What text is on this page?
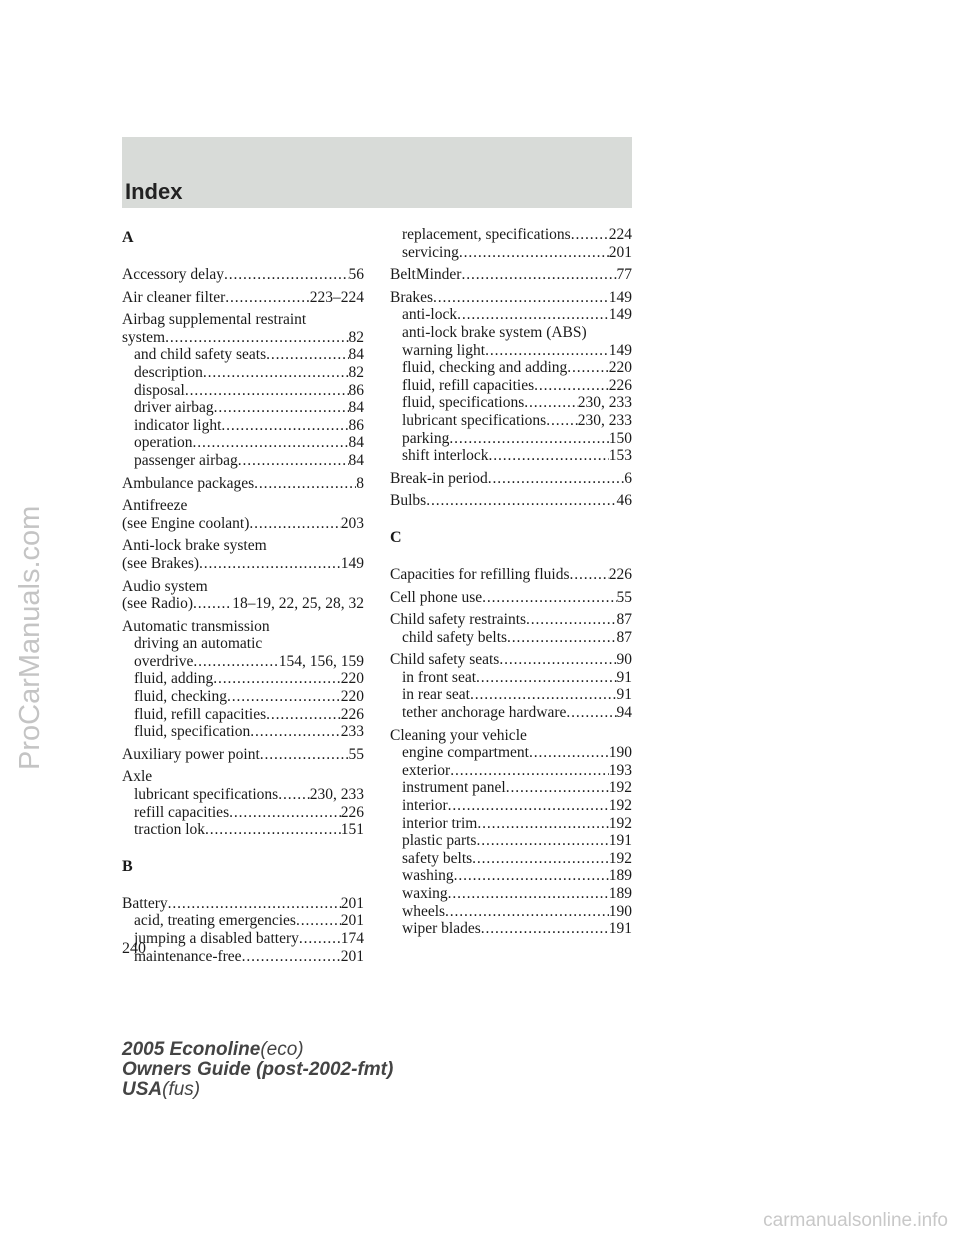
Index
A
Accessory delay . . .	56
Air cleaner filter . . .	223–224
Airbag supplemental restraint
system . . .	82
and child safety seats . . .	84
description . . .	82
disposal . . .	86
driver airbag . . .	84
indicator light . . .	86
operation . . .	84
passenger airbag . . .	84
Ambulance packages . . .	8
Antifreeze
(see Engine coolant) . . .	203
Anti-lock brake system
(see Brakes) . . .	149
Audio system
(see Radio) . . .	18–19, 22, 25, 28, 32
Automatic transmission
driving an automatic
overdrive . . .	154, 156, 159
fluid, adding . . .	220
fluid, checking . . .	220
fluid, refill capacities . . .	226
fluid, specification . . .	233
Auxiliary power point . . .	55
Axle
lubricant specifications . . . 230, 233
refill capacities . . .	226
traction lok . . .	151
B
Battery . . .	201
acid, treating emergencies . . .	201
jumping a disabled battery . . .	174
maintenance-free . . .	201
replacement, specifications . . . 224
servicing . . .	201
BeltMinder . . .	77
Brakes . . .	149
anti-lock . . .	149
anti-lock brake system (ABS)
warning light . . .	149
fluid, checking and adding . . .	220
fluid, refill capacities . . .	226
fluid, specifications . . .	230, 233
lubricant specifications . . . 230, 233
parking . . .	150
shift interlock . . .	153
Break-in period . . .	6
Bulbs . . .	46
C
Capacities for refilling fluids . . .	226
Cell phone use . . .	55
Child safety restraints . . .	87
child safety belts . . .	87
Child safety seats . . .	90
in front seat . . .	91
in rear seat . . .	91
tether anchorage hardware . . .	94
Cleaning your vehicle
engine compartment . . .	190
exterior . . .	193
instrument panel . . .	192
interior . . .	192
interior trim . . .	192
plastic parts . . .	191
safety belts . . .	192
washing . . .	189
waxing . . .	189
wheels . . .	190
wiper blades . . .	191
240
2005 Econoline(eco)
Owners Guide (post-2002-fmt)
USA(fus)
ProCarManuals.com
carmanualsonline.info
